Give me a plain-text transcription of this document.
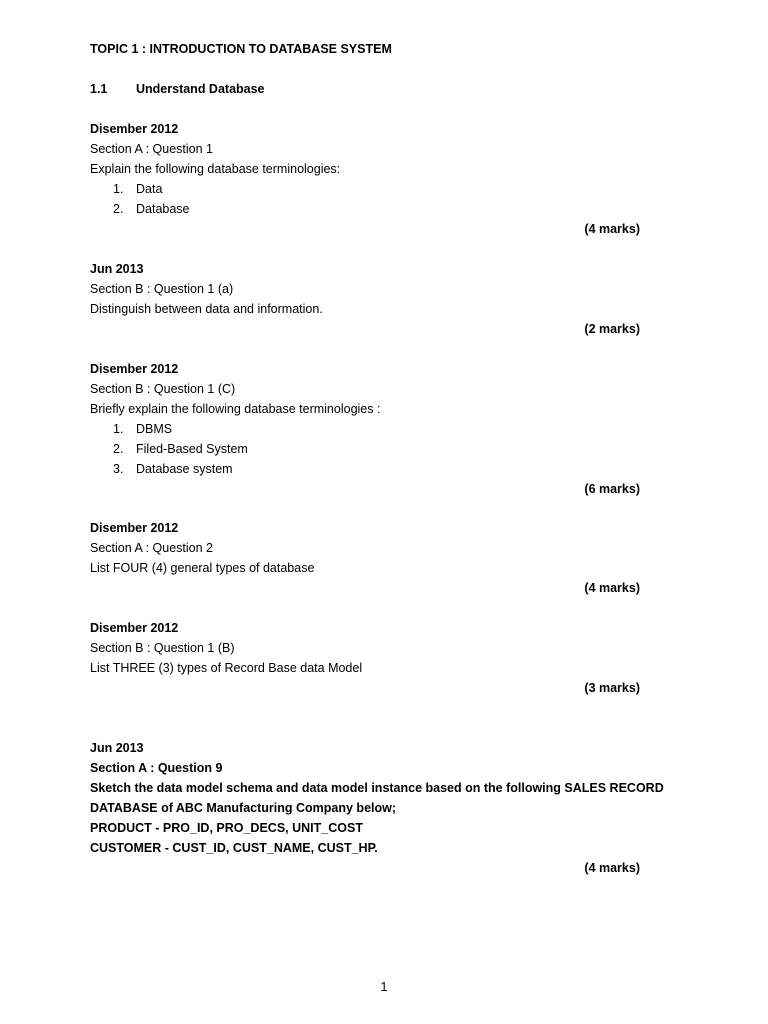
TOPIC 1 : INTRODUCTION TO DATABASE SYSTEM
1.1	Understand Database
Disember 2012
Section A : Question 1
Explain the following database terminologies:
1. Data
2. Database
(4 marks)
Jun 2013
Section B : Question 1 (a)
Distinguish between data and information.
(2 marks)
Disember 2012
Section B : Question 1 (C)
Briefly explain the following database terminologies :
1. DBMS
2. Filed-Based System
3. Database system
(6 marks)
Disember 2012
Section A : Question 2
List FOUR (4) general types of database
(4 marks)
Disember 2012
Section B : Question 1 (B)
List THREE (3) types of Record Base data Model
(3 marks)
Jun 2013
Section A : Question 9
Sketch the data model schema and data model instance based on the following SALES RECORD
DATABASE of ABC Manufacturing Company below;
PRODUCT - PRO_ID, PRO_DECS, UNIT_COST
CUSTOMER - CUST_ID, CUST_NAME, CUST_HP.
(4 marks)
1
